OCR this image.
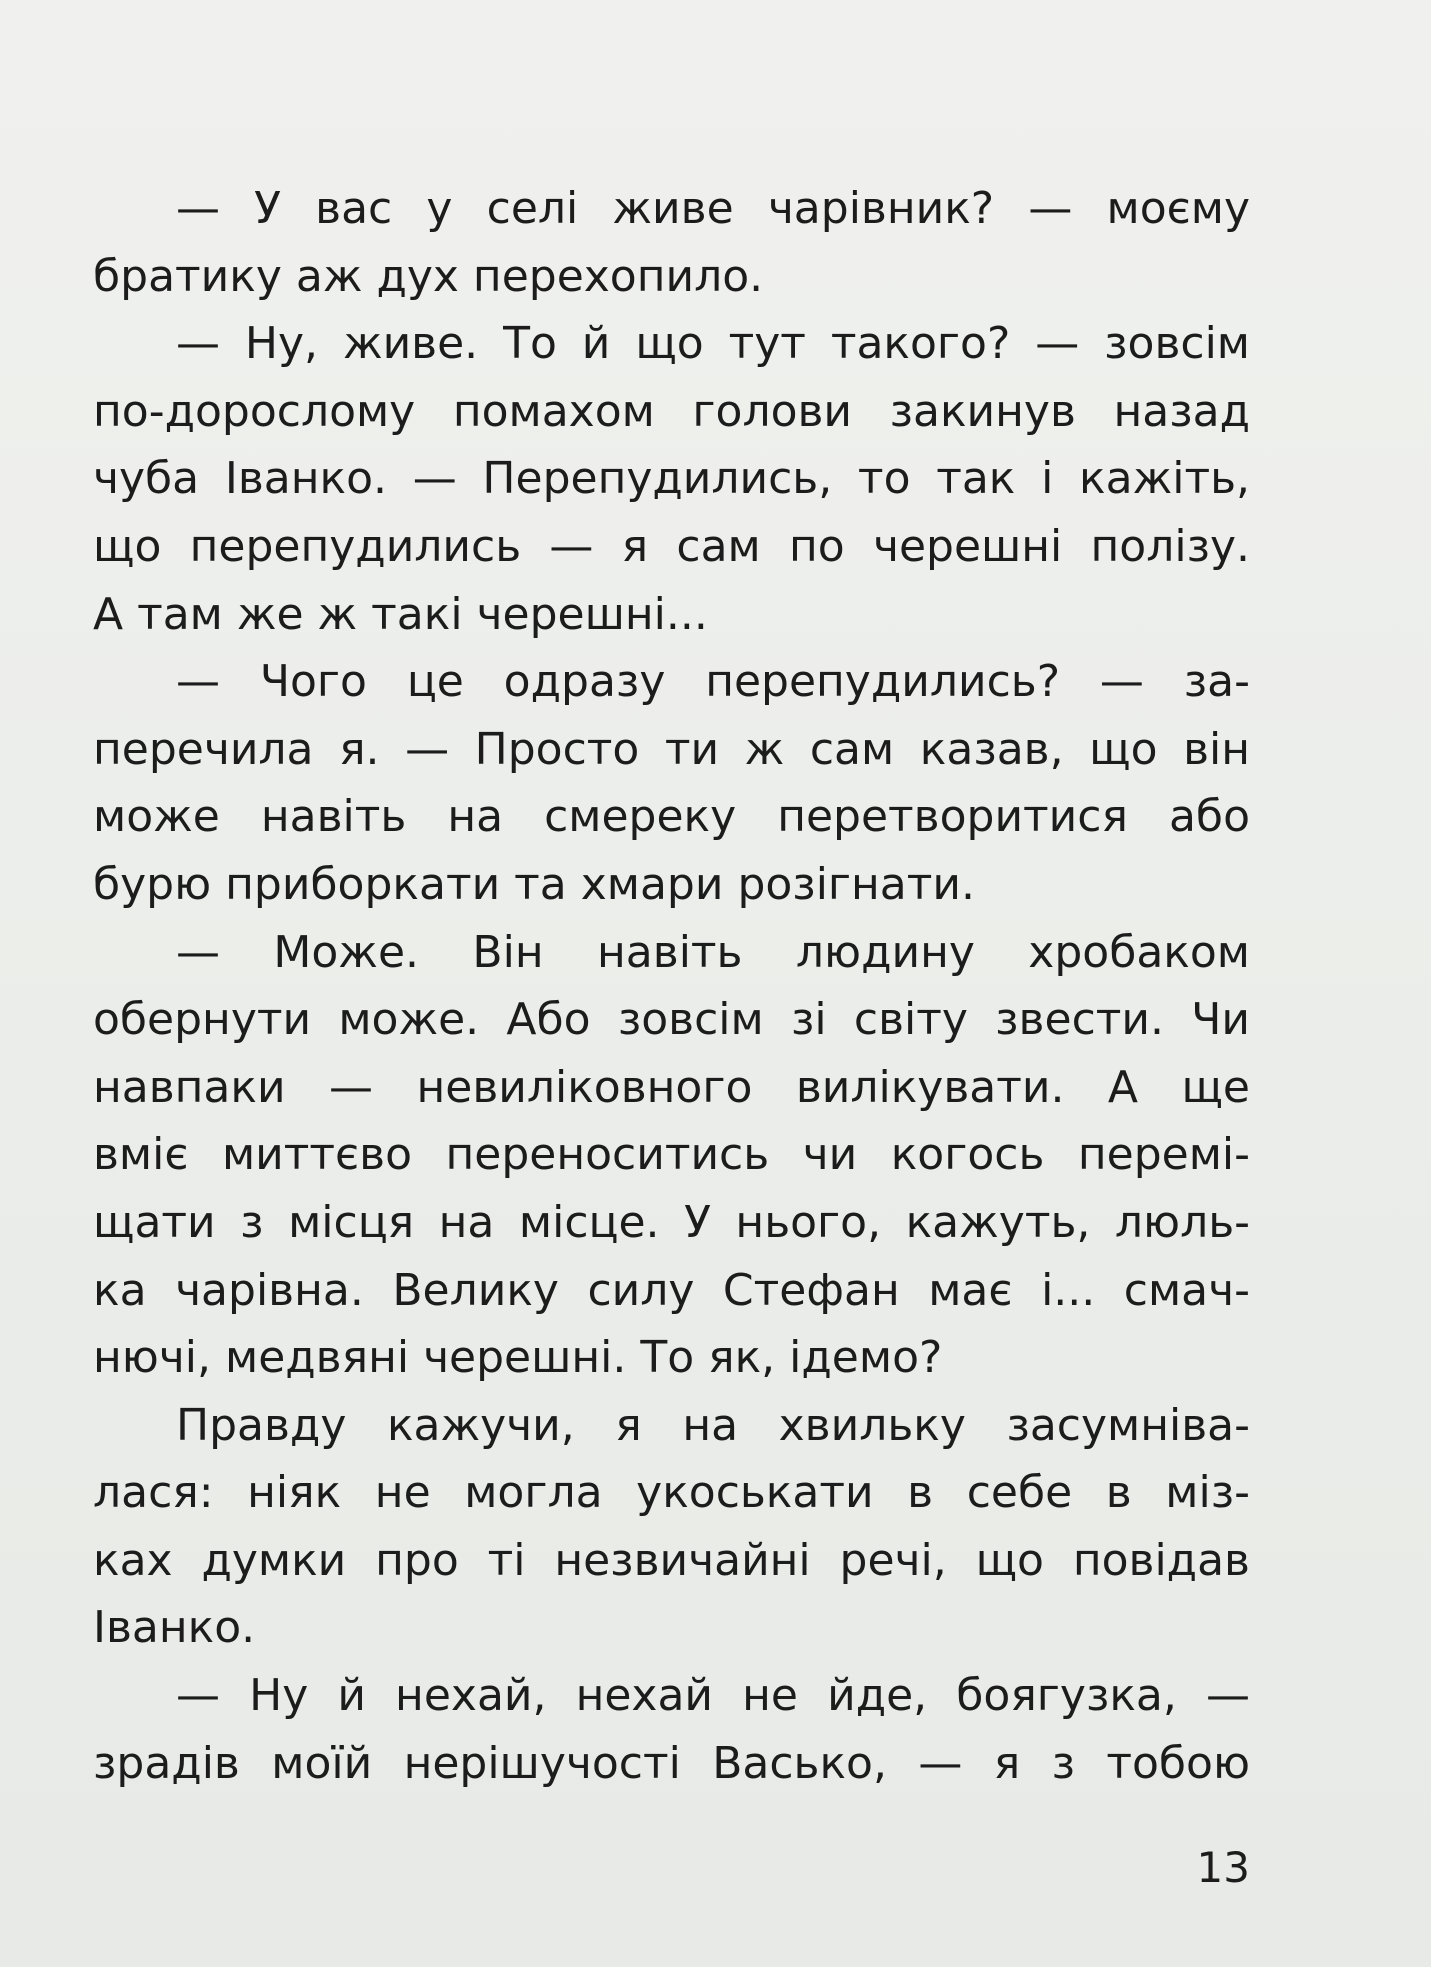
— У вас у селі живе чарівник? — моєму
братику аж дух перехопило.
— Ну, живе. То й що тут такого? — зовсім
по-дорослому помахом голови закинув назад
чуба Іванко. — Перепудились, то так і кажіть,
що перепудились — я сам по черешні полізу.
А там же ж такі черешні...
— Чого це одразу перепудились? — за-
перечила я. — Просто ти ж сам казав, що він
може навіть на смереку перетворитися або
бурю приборкати та хмари розігнати.
— Може. Він навіть людину хробаком
обернути може. Або зовсім зі світу звести. Чи
навпаки — невиліковного вилікувати. А ще
вміє миттєво переноситись чи когось перемі-
щати з місця на місце. У нього, кажуть, люль-
ка чарівна. Велику силу Стефан має і... смач-
нючі, медвяні черешні. То як, ідемо?
Правду кажучи, я на хвильку засумніва-
лася: ніяк не могла укоськати в себе в міз-
ках думки про ті незвичайні речі, що повідав
Іванко.
— Ну й нехай, нехай не йде, боягузка, —
зрадів моїй нерішучості Васько, — я з тобою
13
